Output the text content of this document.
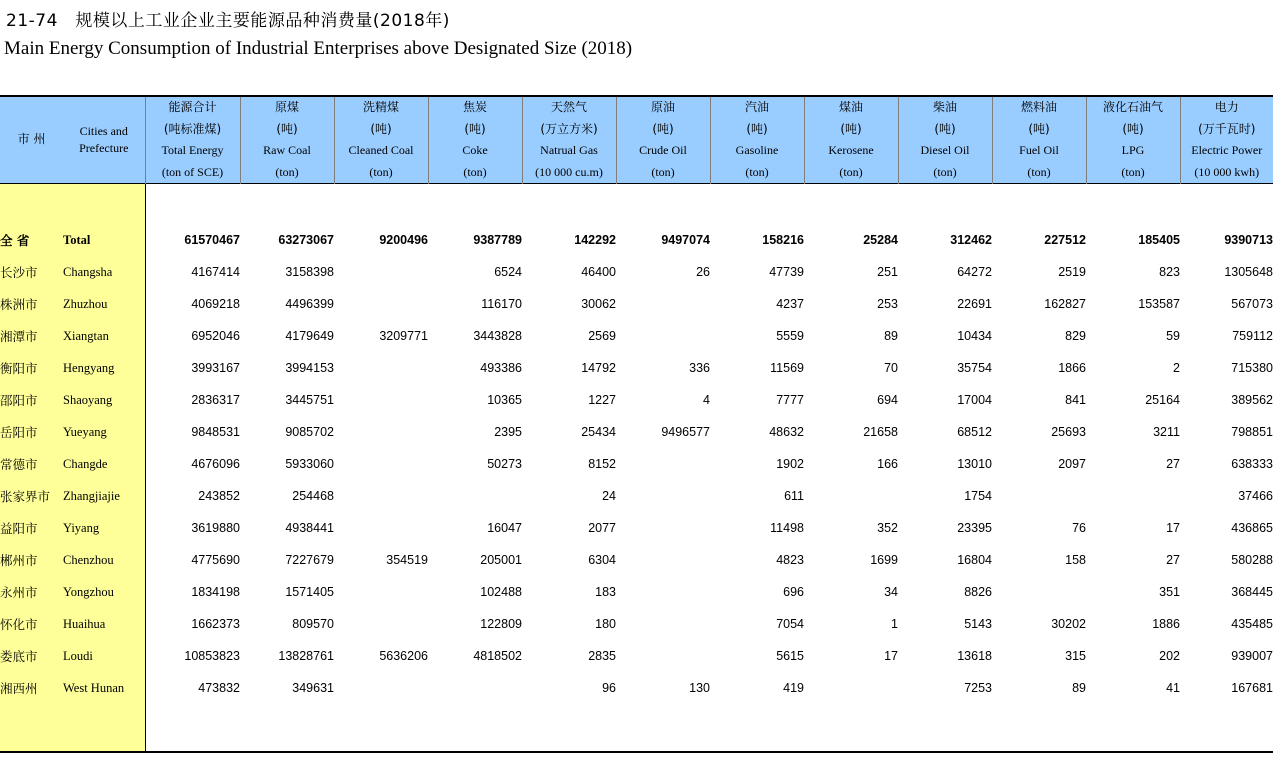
21-74　规模以上工业企业主要能源品种消费量(2018年)
Main Energy Consumption of Industrial Enterprises above Designated Size (2018)
市 州	Cities and
Prefecture	能源合计
(吨标准煤)
Total Energy
(ton of SCE)	原煤
(吨)
Raw Coal
(ton)	洗精煤
(吨)
Cleaned Coal
(ton)	焦炭
(吨)
Coke
(ton)	天然气
(万立方米)
Natrual Gas
(10 000 cu.m)	原油
(吨)
Crude Oil
(ton)	汽油
(吨)
Gasoline
(ton)	煤油
(吨)
Kerosene
(ton)	柴油
(吨)
Diesel Oil
(ton)	燃料油
(吨)
Fuel Oil
(ton)	液化石油气
(吨)
LPG
(ton)	电力
(万千瓦时)
Electric Power
(10 000 kwh)

全 省	Total	61570467	63273067	9200496	9387789	142292	9497074	158216	25284	312462	227512	185405	9390713
长沙市	Changsha	4167414	3158398		6524	46400	26	47739	251	64272	2519	823	1305648
株洲市	Zhuzhou	4069218	4496399		116170	30062		4237	253	22691	162827	153587	567073
湘潭市	Xiangtan	6952046	4179649	3209771	3443828	2569		5559	89	10434	829	59	759112
衡阳市	Hengyang	3993167	3994153		493386	14792	336	11569	70	35754	1866	2	715380
邵阳市	Shaoyang	2836317	3445751		10365	1227	4	7777	694	17004	841	25164	389562
岳阳市	Yueyang	9848531	9085702		2395	25434	9496577	48632	21658	68512	25693	3211	798851
常德市	Changde	4676096	5933060		50273	8152		1902	166	13010	2097	27	638333
张家界市	Zhangjiajie	243852	254468			24		611		1754			37466
益阳市	Yiyang	3619880	4938441		16047	2077		11498	352	23395	76	17	436865
郴州市	Chenzhou	4775690	7227679	354519	205001	6304		4823	1699	16804	158	27	580288
永州市	Yongzhou	1834198	1571405		102488	183		696	34	8826		351	368445
怀化市	Huaihua	1662373	809570		122809	180		7054	1	5143	30202	1886	435485
娄底市	Loudi	10853823	13828761	5636206	4818502	2835		5615	17	13618	315	202	939007
湘西州	West Hunan	473832	349631			96	130	419		7253	89	41	167681
